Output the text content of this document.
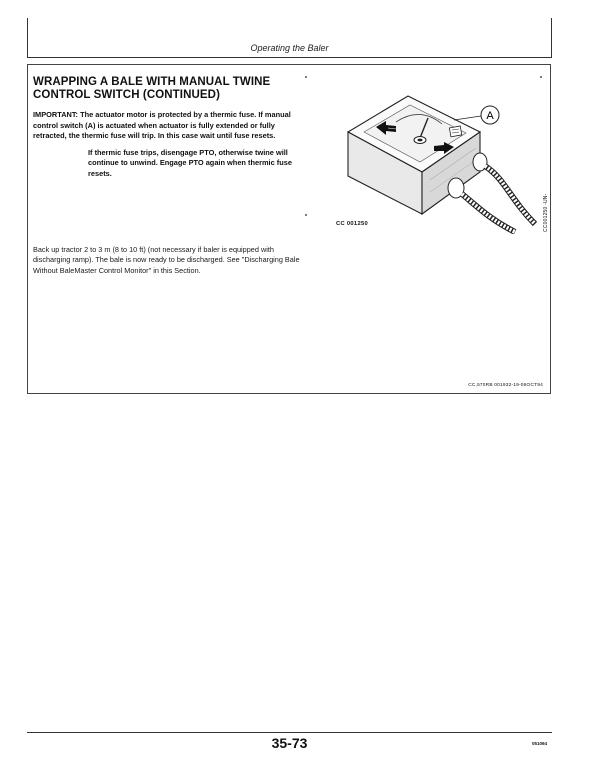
Operating the Baler
WRAPPING A BALE WITH MANUAL TWINE CONTROL SWITCH (CONTINUED)
IMPORTANT: The actuator motor is protected by a thermic fuse. If manual control switch (A) is actuated when actuator is fully extended or fully retracted, the thermic fuse will trip. In this case wait until fuse resets.
If thermic fuse trips, disengage PTO, otherwise twine will continue to unwind. Engage PTO again when thermic fuse resets.
Back up tractor 2 to 3 m (8 to 10 ft) (not necessary if baler is equipped with discharging ramp). The bale is now ready to be discharged. See "Discharging Bale Without BaleMaster Control Monitor" in this Section.
A
CC 001250	CC001250 -UN-
CC,570RB 001932-19-06OCT94
35-73	051094
